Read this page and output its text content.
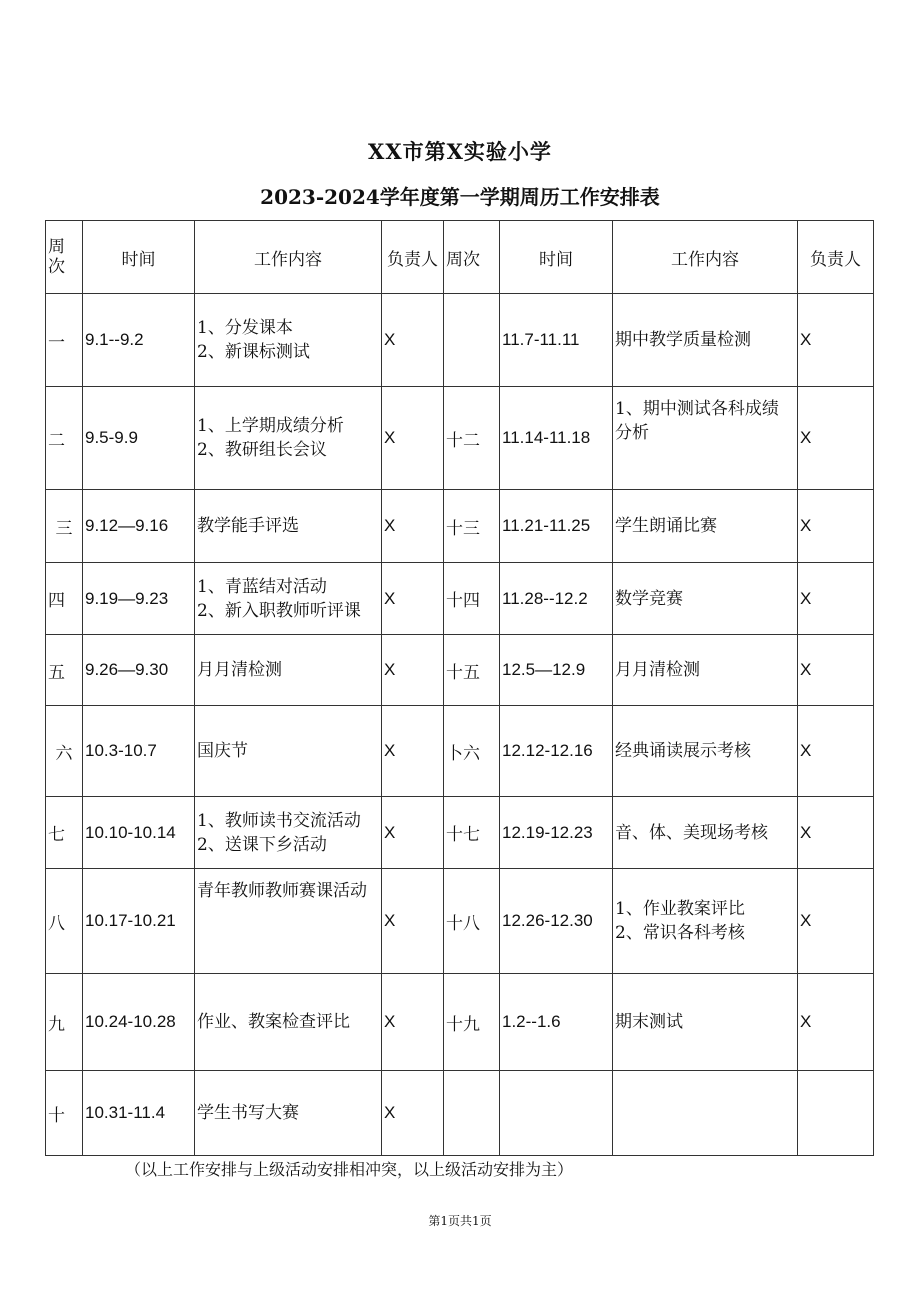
XX市第X实验小学
2023-2024学年度第一学期周历工作安排表
周次	时间	工作内容	负责人	周次	时间	工作内容	负责人
一	9.1--9.2	1、分发课本
2、新课标测试	X		11.7-11.11	期中教学质量检测	X
二	9.5-9.9	1、上学期成绩分析
2、教研组长会议	X	十二	11.14-11.18	1、期中测试各科成绩
分析	X
三	9.12—9.16	教学能手评选	X	十三	11.21-11.25	学生朗诵比赛	X
四	9.19—9.23	1、青蓝结对活动
2、新入职教师听评课	X	十四	11.28--12.2	数学竞赛	X
五	9.26—9.30	月月清检测	X	十五	12.5—12.9	月月清检测	X
六	10.3-10.7	国庆节	X	卜六	12.12-12.16	经典诵读展示考核	X
七	10.10-10.14	1、教师读书交流活动
2、送课下乡活动	X	十七	12.19-12.23	音、体、美现场考核	X
八	10.17-10.21	青年教师教师赛课活动	X	十八	12.26-12.30	1、作业教案评比
2、常识各科考核	X
九	10.24-10.28	作业、教案检查评比	X	十九	1.2--1.6	期末测试	X
十	10.31-11.4	学生书写大赛	X				
（以上工作安排与上级活动安排相冲突，以上级活动安排为主）
第1页共1页
